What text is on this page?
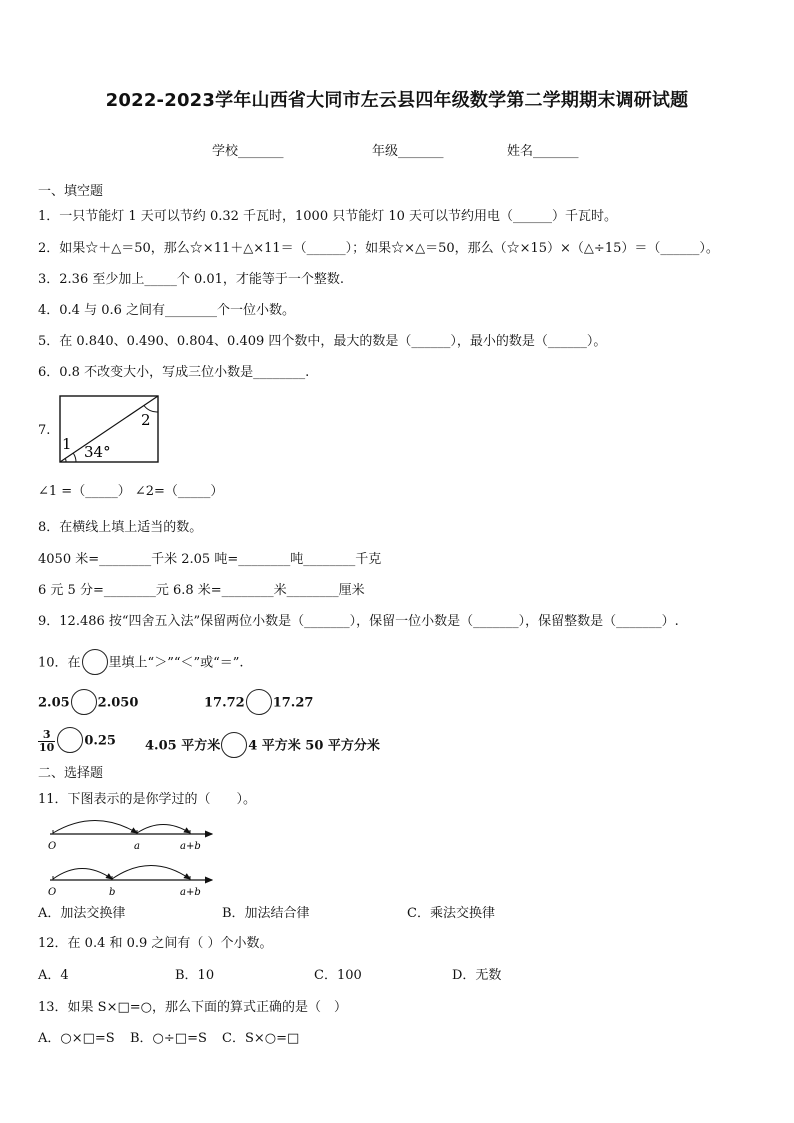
2022-2023学年山西省大同市左云县四年级数学第二学期期末调研试题
学校_______	年级_______	姓名_______
一、填空题
1．一只节能灯 1 天可以节约 0.32 千瓦时，1000 只节能灯 10 天可以节约用电（______）千瓦时。
2．如果☆＋△＝50，那么☆×11＋△×11＝（______）；如果☆×△＝50，那么（☆×15）×（△÷15）＝（______）。
3．2.36 至少加上_____个 0.01，才能等于一个整数.
4．0.4 与 0.6 之间有________个一位小数。
5．在 0.840、0.490、0.804、0.409 四个数中，最大的数是（______），最小的数是（______）。
6．0.8 不改变大小，写成三位小数是________.
7.
1
2
34°
∠1 =（_____） ∠2=（_____）
8．在横线上填上适当的数。
4050 米=________千米 2.05 吨=________吨________千克
6 元 5 分=________元 6.8 米=________米________厘米
9．12.486 按“四舍五入法”保留两位小数是（_______），保留一位小数是（_______），保留整数是（_______）.
10．在 里填上“＞”“＜”或“＝”.
2.05 2.050	17.72 17.27
$\frac{3}{10} 0.25$ 4.05 平方米 4 平方米 50 平方分米
二、选择题
11．下图表示的是你学过的（　　）。
O	a	a+b
O	b	a+b
A．加法交换律	B．加法结合律	C．乘法交换律
12．在 0.4 和 0.9 之间有（ ）个小数。
A．4	B．10	C．100	D．无数
13．如果 S×□=○，那么下面的算式正确的是（　）
A．○×□=S B．○÷□=S C．S×○=□
